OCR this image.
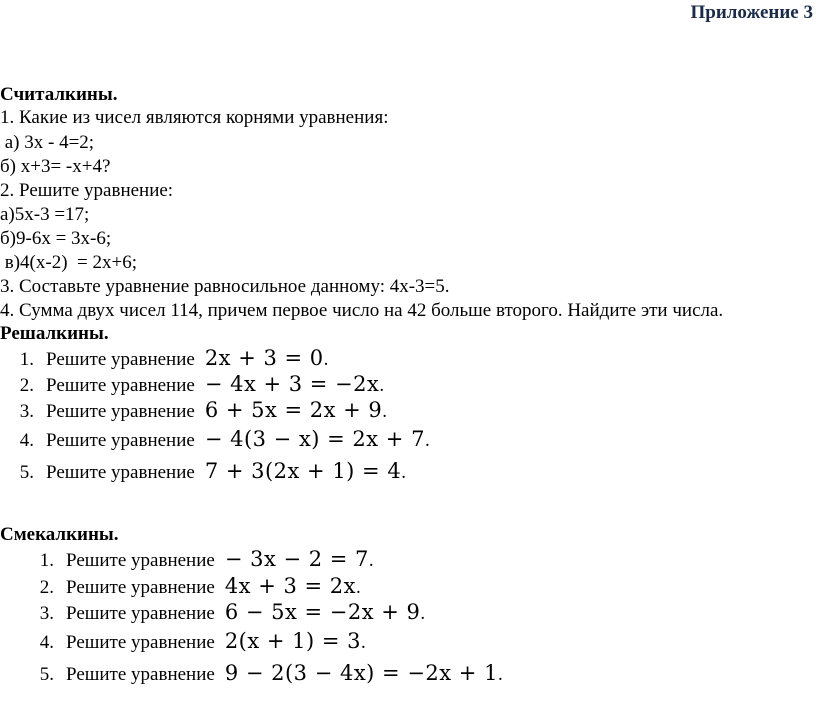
Приложение 3
Считалкины.
1. Какие из чисел являются корнями уравнения:
а) 3х - 4=2;
б) х+3= -х+4?
2. Решите уравнение:
а)5х-3 =17;
б)9-6х = 3х-6;
в)4(х-2)  = 2х+6;
3. Составьте уравнение равносильное данному: 4х-3=5.
4. Сумма двух чисел 114, причем первое число на 42 больше второго. Найдите эти числа.
Решалкины.
1. Решите уравнение 2x + 3 = 0.
2. Решите уравнение − 4x + 3 = −2x.
3. Решите уравнение 6 + 5x = 2x + 9.
4. Решите уравнение − 4(3 − x) = 2x + 7.
5. Решите уравнение 7 + 3(2x + 1) = 4.
Смекалкины.
1. Решите уравнение − 3x − 2 = 7.
2. Решите уравнение 4x + 3 = 2x.
3. Решите уравнение 6 − 5x = −2x + 9.
4. Решите уравнение 2(x + 1) = 3.
5. Решите уравнение 9 − 2(3 − 4x) = −2x + 1.
